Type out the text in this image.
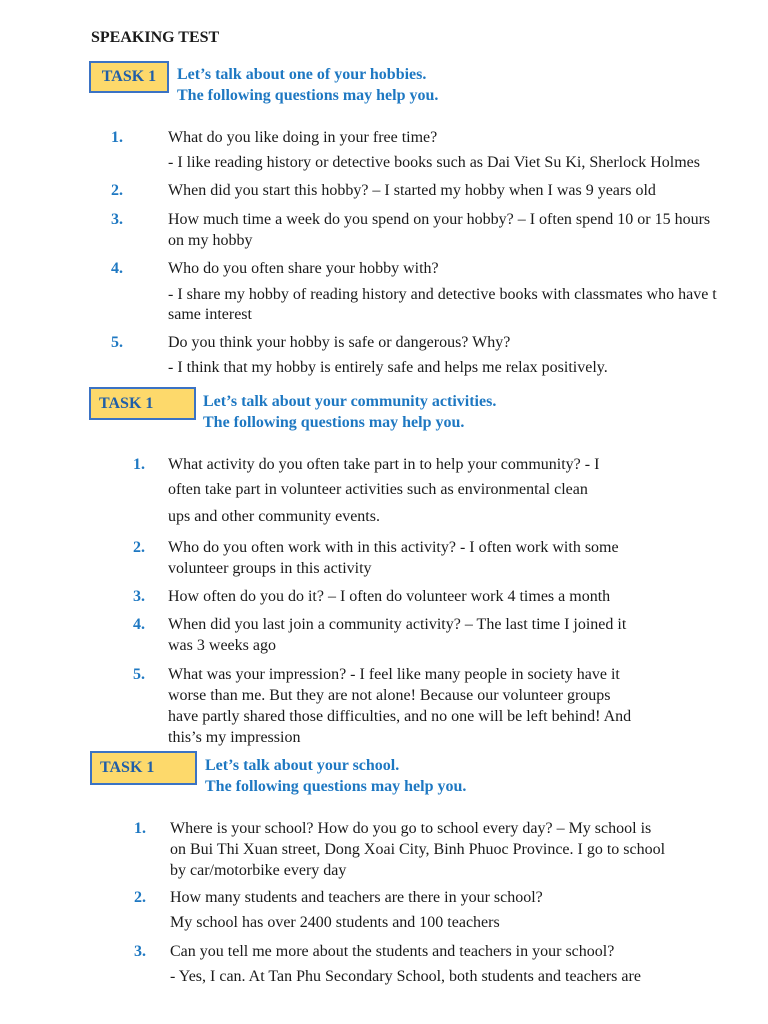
SPEAKING TEST
TASK 1	Let’s talk about one of your hobbies.
The following questions may help you.
1.	What do you like doing in your free time?
- I like reading history or detective books such as Dai Viet Su Ki, Sherlock Holmes
2.	When did you start this hobby? – I started my hobby when I was 9 years old
3.	How much time a week do you spend on your hobby? – I often spend 10 or 15 hours
on my hobby
4.	Who do you often share your hobby with?
- I share my hobby of reading history and detective books with classmates who have t
same interest
5.	Do you think your hobby is safe or dangerous? Why?
- I think that my hobby is entirely safe and helps me relax positively.
TASK 1	Let’s talk about your community activities.
The following questions may help you.
1. What activity do you often take part in to help your community? - I
often take part in volunteer activities such as environmental clean
ups and other community events.
2. Who do you often work with in this activity? - I often work with some
volunteer groups in this activity
3. How often do you do it? – I often do volunteer work 4 times a month
4. When did you last join a community activity? – The last time I joined it
was 3 weeks ago
5. What was your impression? - I feel like many people in society have it
worse than me. But they are not alone! Because our volunteer groups
have partly shared those difficulties, and no one will be left behind! And
this’s my impression
TASK 1	Let’s talk about your school.
The following questions may help you.
1. Where is your school? How do you go to school every day? – My school is
on Bui Thi Xuan street, Dong Xoai City, Binh Phuoc Province. I go to school
by car/motorbike every day
2. How many students and teachers are there in your school?
My school has over 2400 students and 100 teachers
3. Can you tell me more about the students and teachers in your school?
- Yes, I can. At Tan Phu Secondary School, both students and teachers are
